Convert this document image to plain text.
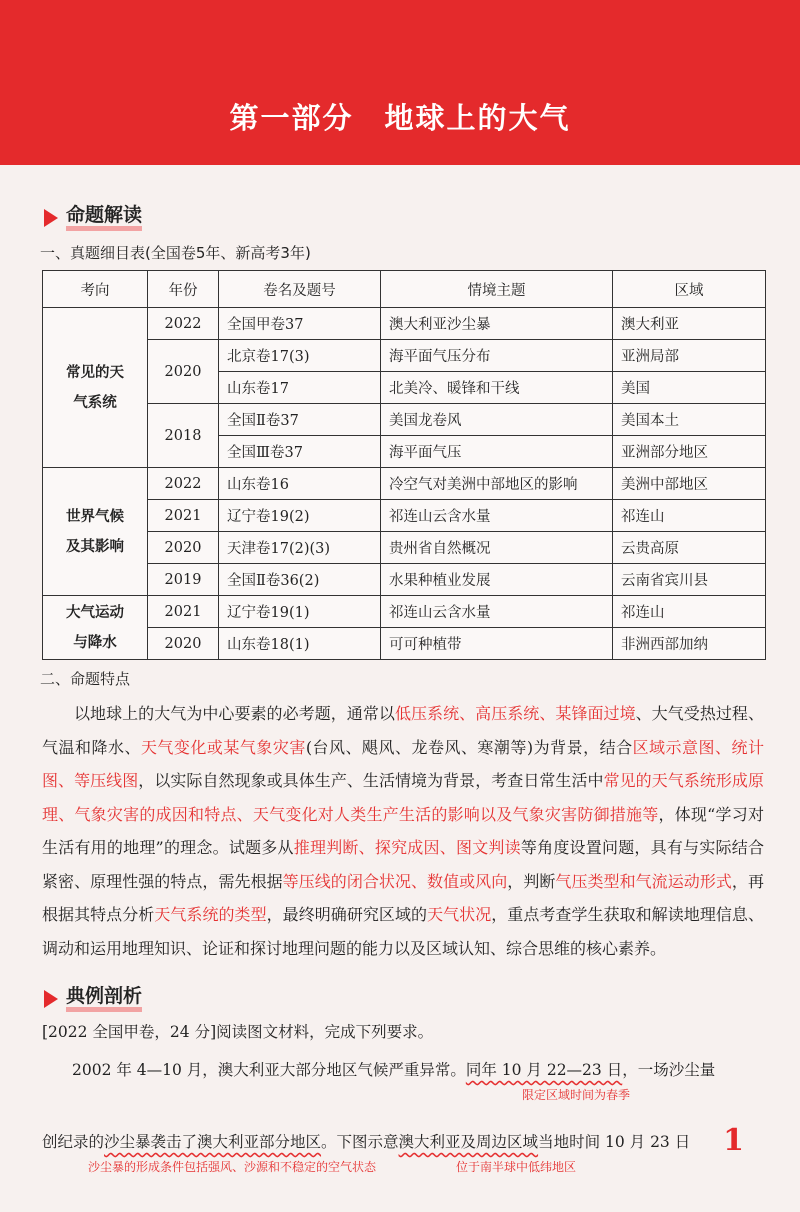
第一部分　地球上的大气
命题解读
一、真题细目表(全国卷5年、新高考3年)
考向	年份	卷名及题号	情境主题	区域
常见的天气系统	2022	全国甲卷37	澳大利亚沙尘暴	澳大利亚
	2020	北京卷17(3)	海平面气压分布	亚洲局部
		山东卷17	北美冷、暖锋和干线	美国
	2018	全国Ⅱ卷37	美国龙卷风	美国本土
		全国Ⅲ卷37	海平面气压	亚洲部分地区
世界气候及其影响	2022	山东卷16	冷空气对美洲中部地区的影响	美洲中部地区
	2021	辽宁卷19(2)	祁连山云含水量	祁连山
	2020	天津卷17(2)(3)	贵州省自然概况	云贵高原
	2019	全国Ⅱ卷36(2)	水果种植业发展	云南省宾川县
大气运动与降水	2021	辽宁卷19(1)	祁连山云含水量	祁连山
	2020	山东卷18(1)	可可种植带	非洲西部加纳
二、命题特点

以地球上的大气为中心要素的必考题，通常以低压系统、高压系统、某锋面过境、大气受热过程、气温和降水、天气变化或某气象灾害(台风、飓风、龙卷风、寒潮等)为背景，结合区域示意图、统计图、等压线图，以实际自然现象或具体生产、生活情境为背景，考查日常生活中常见的天气系统形成原理、气象灾害的成因和特点、天气变化对人类生产生活的影响以及气象灾害防御措施等，体现“学习对生活有用的地理”的理念。试题多从推理判断、探究成因、图文判读等角度设置问题，具有与实际结合紧密、原理性强的特点，需先根据等压线的闭合状况、数值或风向，判断气压类型和气流运动形式，再根据其特点分析天气系统的类型，最终明确研究区域的天气状况，重点考查学生获取和解读地理信息、调动和运用地理知识、论证和探讨地理问题的能力以及区域认知、综合思维的核心素养。

典例剖析
[2022 全国甲卷，24 分]阅读图文材料，完成下列要求。
2002 年 4—10 月，澳大利亚大部分地区气候严重异常。同年 10 月 22—23 日，一场沙尘量
限定区域时间为春季
创纪录的沙尘暴袭击了澳大利亚部分地区。下图示意澳大利亚及周边区域当地时间 10 月 23 日
沙尘暴的形成条件包括强风、沙源和不稳定的空气状态	位于南半球中低纬地区
1
